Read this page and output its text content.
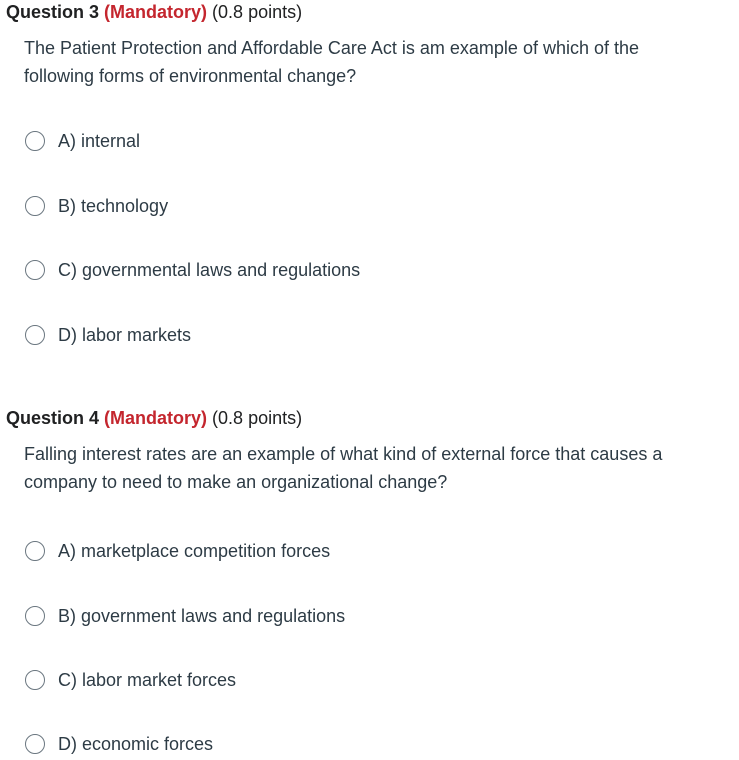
Question 3 (Mandatory) (0.8 points)
The Patient Protection and Affordable Care Act is am example of which of the following forms of environmental change?
A) internal
B) technology
C) governmental laws and regulations
D) labor markets
Question 4 (Mandatory) (0.8 points)
Falling interest rates are an example of what kind of external force that causes a company to need to make an organizational change?
A) marketplace competition forces
B) government laws and regulations
C) labor market forces
D) economic forces
